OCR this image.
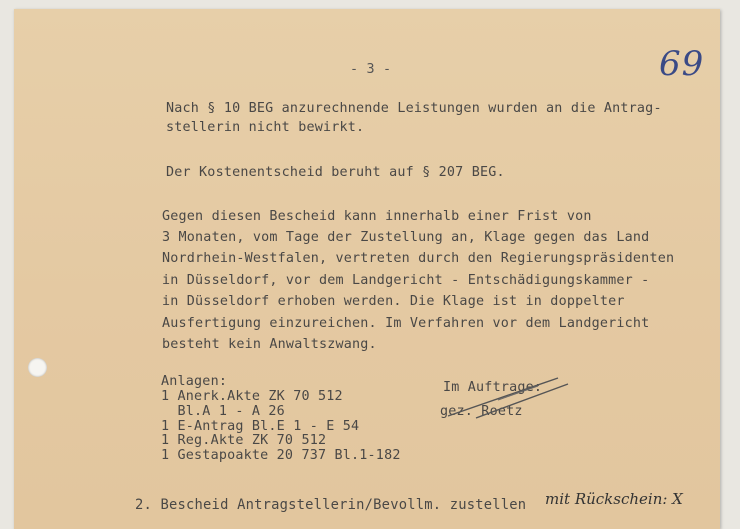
- 3 -	69
Nach § 10 BEG anzurechnende Leistungen wurden an die Antrag-
stellerin nicht bewirkt.
Der Kostenentscheid beruht auf § 207 BEG.
Gegen diesen Bescheid kann innerhalb einer Frist von
3 Monaten, vom Tage der Zustellung an, Klage gegen das Land
Nordrhein-Westfalen, vertreten durch den Regierungspräsidenten
in Düsseldorf, vor dem Landgericht - Entschädigungskammer -
in Düsseldorf erhoben werden. Die Klage ist in doppelter
Ausfertigung einzureichen. Im Verfahren vor dem Landgericht
besteht kein Anwaltszwang.
Anlagen:
1 Anerk.Akte ZK 70 512
Bl.A 1 - A 26
1 E-Antrag Bl.E 1 - E 54
1 Reg.Akte ZK 70 512
1 Gestapoakte 20 737 Bl.1-182
Im Auftrage:
gez. Roetz
2. Bescheid Antragstellerin/Bevollm. zustellen mit Rückschein: X
